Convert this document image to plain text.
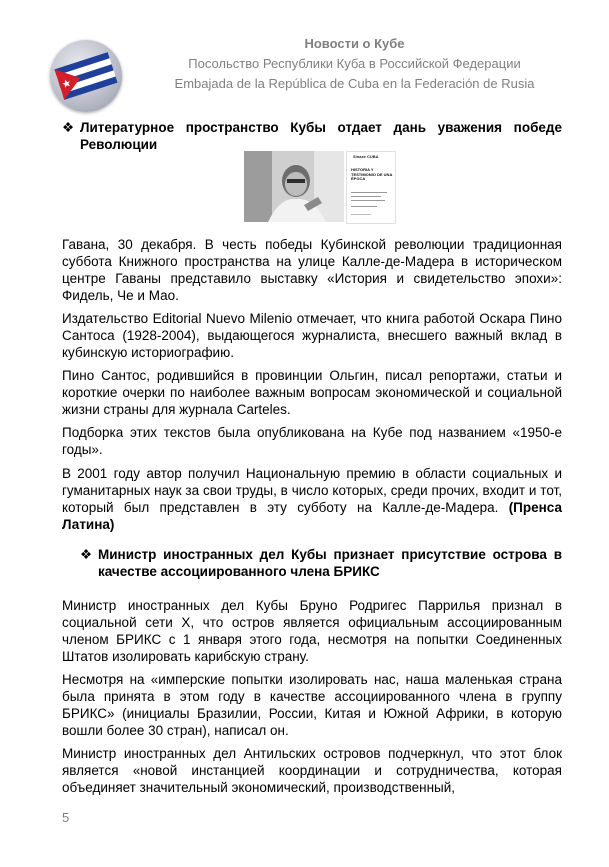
Новости о Кубе
Посольство Республики Куба в Российской Федерации
Embajada de la República de Cuba en la Federación de Rusia
❖ Литературное пространство Кубы отдает дань уважения победе Революции
Sinaxe CUBA
HISTORIA Y TESTIMONIO DE UNA ÉPOCA
Гавана, 30 декабря. В честь победы Кубинской революции традиционная суббота Книжного пространства на улице Калле-де-Мадера в историческом центре Гаваны представило выставку «История и свидетельство эпохи»: Фидель, Че и Мао.
Издательство Editorial Nuevo Milenio отмечает, что книга работой Оскара Пино Сантоса (1928-2004), выдающегося журналиста, внесшего важный вклад в кубинскую историографию.
Пино Сантос, родившийся в провинции Ольгин, писал репортажи, статьи и короткие очерки по наиболее важным вопросам экономической и социальной жизни страны для журнала Carteles.
Подборка этих текстов была опубликована на Кубе под названием «1950-е годы».
В 2001 году автор получил Национальную премию в области социальных и гуманитарных наук за свои труды, в число которых, среди прочих, входит и тот, который был представлен в эту субботу на Калле-де-Мадера. (Пренса Латина)
❖ Министр иностранных дел Кубы признает присутствие острова в качестве ассоциированного члена БРИКС
Министр иностранных дел Кубы Бруно Родригес Паррилья признал в социальной сети X, что остров является официальным ассоциированным членом БРИКС с 1 января этого года, несмотря на попытки Соединенных Штатов изолировать карибскую страну.
Несмотря на «имперские попытки изолировать нас, наша маленькая страна была принята в этом году в качестве ассоциированного члена в группу БРИКС» (инициалы Бразилии, России, Китая и Южной Африки, в которую вошли более 30 стран), написал он.
Министр иностранных дел Антильских островов подчеркнул, что этот блок является «новой инстанцией координации и сотрудничества, которая объединяет значительный экономический, производственный,
5
